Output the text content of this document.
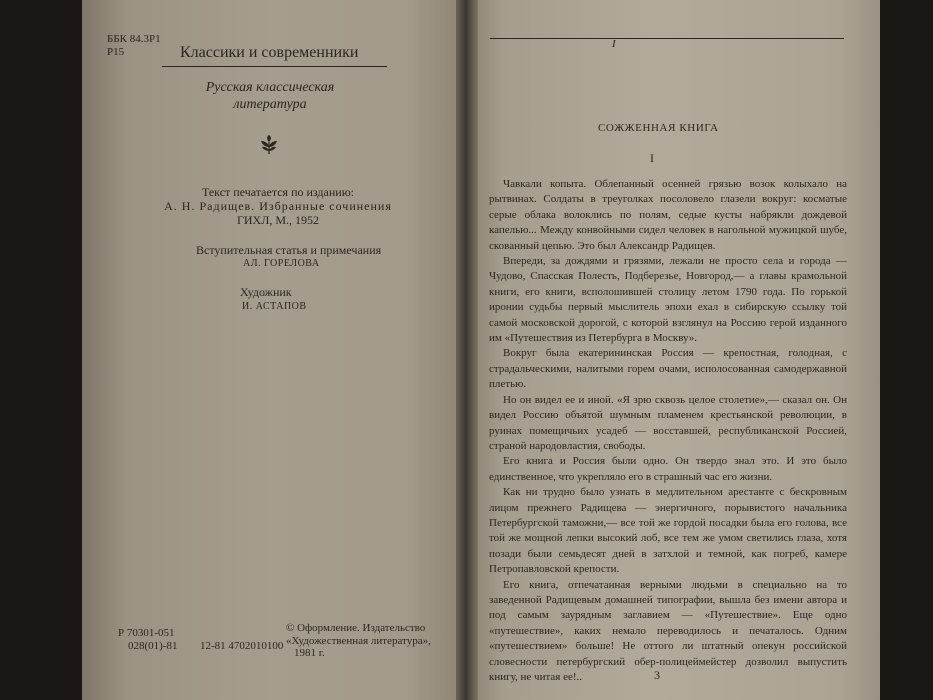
ББК 84.3Р1
Р15	Классики и современники
Русская классическая
литература
Текст печатается по изданию:
А. Н. Радищев. Избранные сочинения
ГИХЛ, М., 1952
Вступительная статья и примечания
АЛ. ГОРЕЛОВА
Художник
И. АСТАПОВ
Р 70301-051
028(01)-81 12-81 4702010100
© Оформление. Издательство
«Художественная литература»,
1981 г.
I
СОЖЖЕННАЯ КНИГА
I

Чавкали копыта. Облепанный осенней грязью возок колыхало на рытвинах. Солдаты в треуголках посоловело глазели вокруг: косматые серые облака волоклись по полям, седые кусты набрякли дождевой капелью... Между конвойными сидел человек в нагольной мужицкой шубе, скованный цепью. Это был Александр Радищев.

Впереди, за дождями и грязями, лежали не просто села и города — Чудово, Спасская Полесть, Подберезье, Новгород,— а главы крамольной книги, его книги, всполошившей столицу летом 1790 года. По горькой иронии судьбы первый мыслитель эпохи ехал в сибирскую ссылку той самой московской дорогой, с которой взглянул на Россию герой изданного им «Путешествия из Петербурга в Москву».

Вокруг была екатерининская Россия — крепостная, голодная, с страдальческими, налитыми горем очами, исполосованная самодержавной плетью.

Но он видел ее и иной. «Я зрю сквозь целое столетие»,— сказал он. Он видел Россию объятой шумным пламенем крестьянской революции, в руинах помещичьих усадеб — восставшей, республиканской Россией, страной народовластия, свободы.

Его книга и Россия были одно. Он твердо знал это. И это было единственное, что укрепляло его в страшный час его жизни.

Как ни трудно было узнать в медлительном арестанте с бескровным лицом прежнего Радищева — энергичного, порывистого начальника Петербургской таможни,— все той же гордой посадки была его голова, все той же мощной лепки высокий лоб, все тем же умом светились глаза, хотя позади были семьдесят дней в затхлой и темной, как погреб, камере Петропавловской крепости.

Его книга, отпечатанная верными людьми в специально на то заведенной Радищевым домашней типографии, вышла без имени автора и под самым заурядным заглавием — «Путешествие». Еще одно «путешествие», каких немало переводилось и печаталось. Одним «путешествием» больше! Не оттого ли штатный опекун российской словесности петербургский обер-полицеймейстер дозволил выпустить книгу, не читая ее!..	3
